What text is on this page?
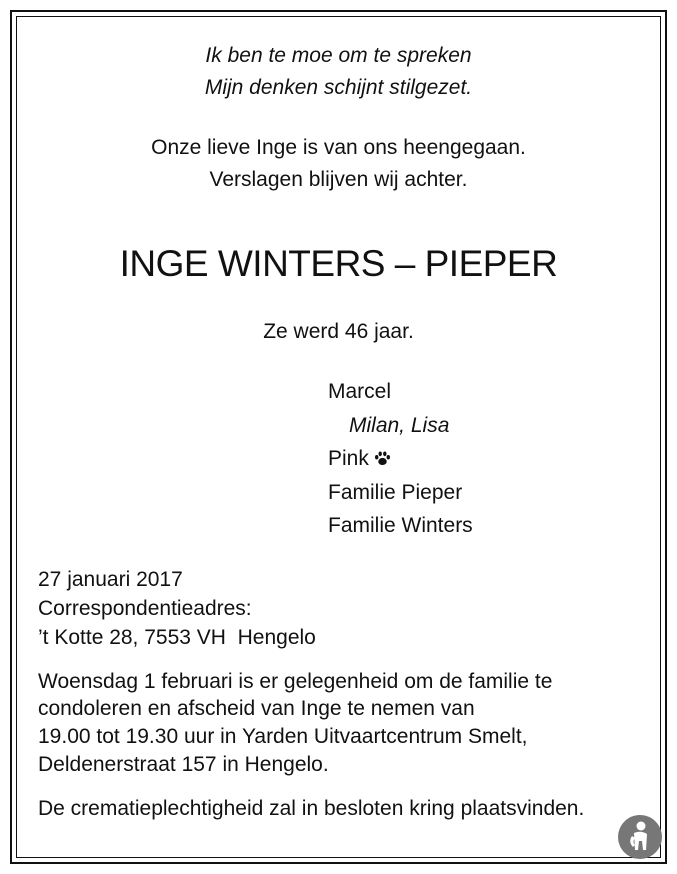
Ik ben te moe om te spreken
Mijn denken schijnt stilgezet.
Onze lieve Inge is van ons heengegaan.
Verslagen blijven wij achter.
INGE WINTERS – PIEPER
Ze werd 46 jaar.
Marcel
Milan, Lisa
Pink
Familie Pieper
Familie Winters
27 januari 2017
Correspondentieadres:
’t Kotte 28, 7553 VH  Hengelo
Woensdag 1 februari is er gelegenheid om de familie te
condoleren en afscheid van Inge te nemen van
19.00 tot 19.30 uur in Yarden Uitvaartcentrum Smelt,
Deldenerstraat 157 in Hengelo.
De crematieplechtigheid zal in besloten kring plaatsvinden.
